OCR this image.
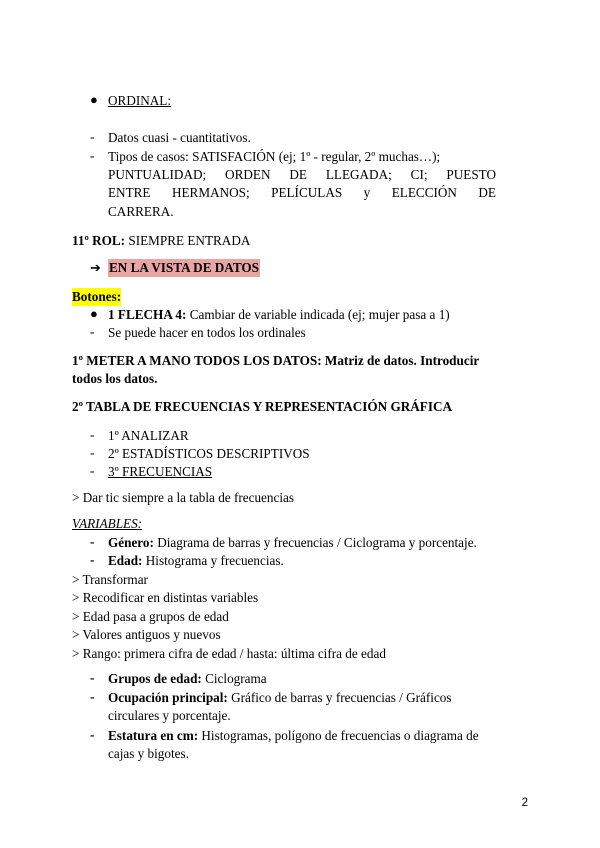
● ORDINAL:
- Datos cuasi - cuantitativos.
- Tipos de casos: SATISFACIÓN (ej; 1º - regular, 2º muchas…);
PUNTUALIDAD; ORDEN DE LLEGADA; CI; PUESTO
ENTRE HERMANOS; PELÍCULAS y ELECCIÓN DE
CARRERA.
11º ROL: SIEMPRE ENTRADA
➔ EN LA VISTA DE DATOS
Botones:
● 1 FLECHA 4: Cambiar de variable indicada (ej; mujer pasa a 1)
- Se puede hacer en todos los ordinales
1º METER A MANO TODOS LOS DATOS: Matriz de datos. Introducir
todos los datos.
2º TABLA DE FRECUENCIAS Y REPRESENTACIÓN GRÁFICA
- 1º ANALIZAR
- 2º ESTADÍSTICOS DESCRIPTIVOS
- 3º FRECUENCIAS
> Dar tic siempre a la tabla de frecuencias
VARIABLES:
- Género: Diagrama de barras y frecuencias / Ciclograma y porcentaje.
- Edad: Histograma y frecuencias.
> Transformar
> Recodificar en distintas variables
> Edad pasa a grupos de edad
> Valores antiguos y nuevos
> Rango: primera cifra de edad / hasta: última cifra de edad
- Grupos de edad: Ciclograma
- Ocupación principal: Gráfico de barras y frecuencias / Gráficos
circulares y porcentaje.
- Estatura en cm: Histogramas, polígono de frecuencias o diagrama de
cajas y bigotes.
2
